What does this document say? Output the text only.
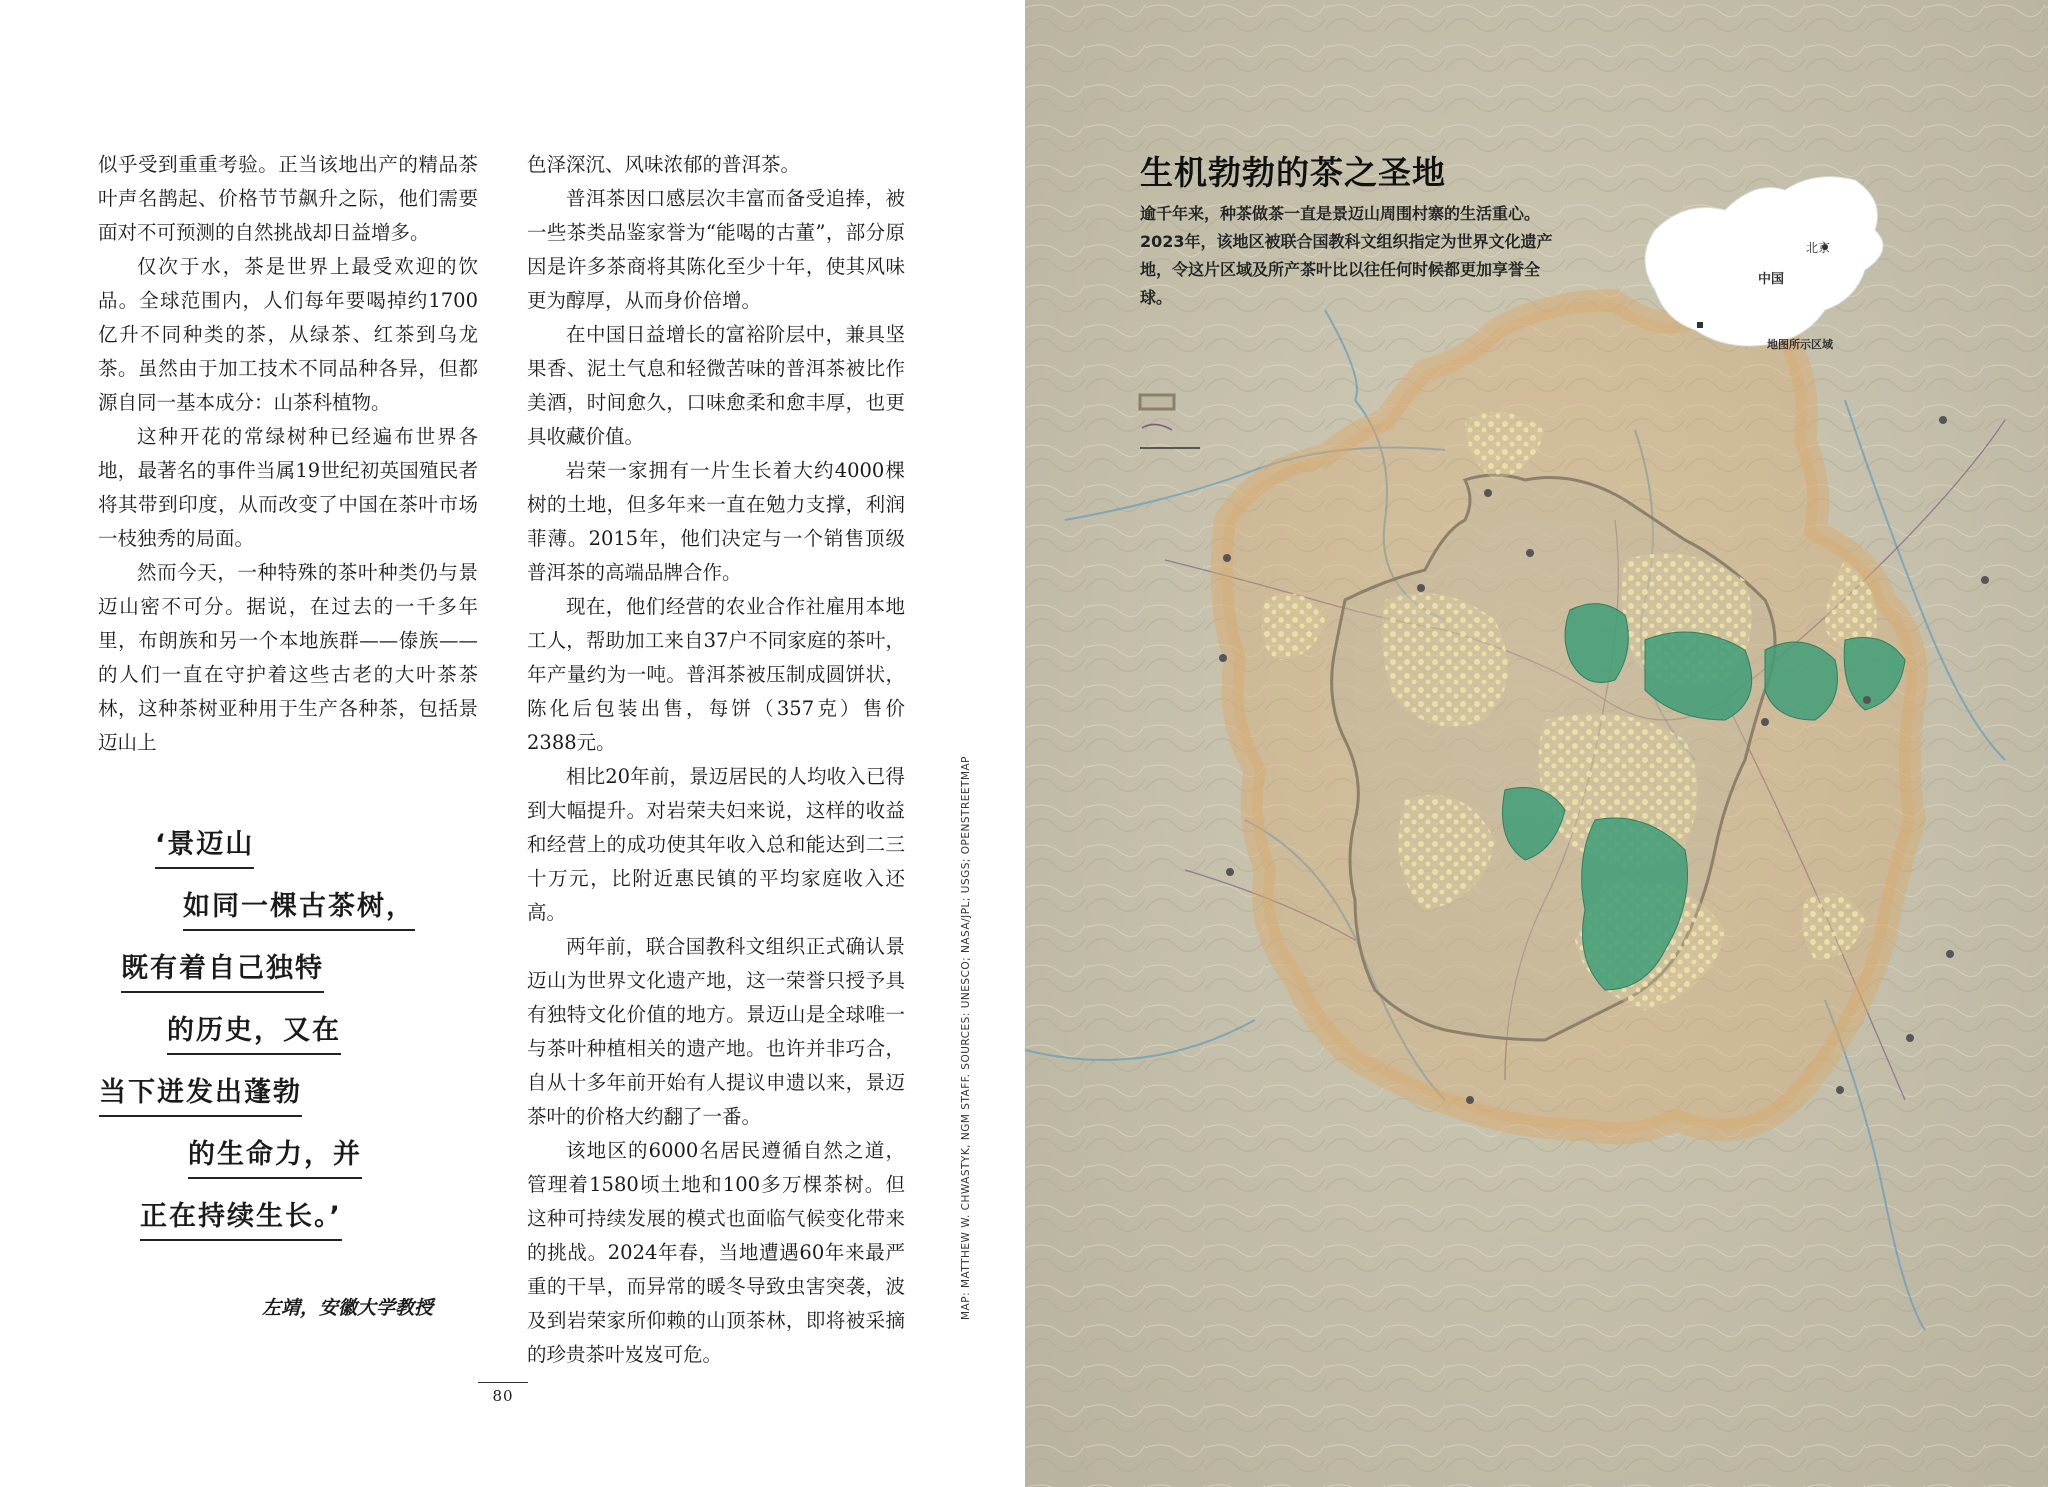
似乎受到重重考验。正当该地出产的精品茶叶声名鹊起、价格节节飙升之际，他们需要面对不可预测的自然挑战却日益增多。

仅次于水，茶是世界上最受欢迎的饮品。全球范围内，人们每年要喝掉约1700亿升不同种类的茶，从绿茶、红茶到乌龙茶。虽然由于加工技术不同品种各异，但都源自同一基本成分：山茶科植物。

这种开花的常绿树种已经遍布世界各地，最著名的事件当属19世纪初英国殖民者将其带到印度，从而改变了中国在茶叶市场一枝独秀的局面。

然而今天，一种特殊的茶叶种类仍与景迈山密不可分。据说，在过去的一千多年里，布朗族和另一个本地族群——傣族——的人们一直在守护着这些古老的大叶茶茶林，这种茶树亚种用于生产各种茶，包括景迈山上

色泽深沉、风味浓郁的普洱茶。

普洱茶因口感层次丰富而备受追捧，被一些茶类品鉴家誉为“能喝的古董”，部分原因是许多茶商将其陈化至少十年，使其风味更为醇厚，从而身价倍增。

在中国日益增长的富裕阶层中，兼具坚果香、泥土气息和轻微苦味的普洱茶被比作美酒，时间愈久，口味愈柔和愈丰厚，也更具收藏价值。

岩荣一家拥有一片生长着大约4000棵树的土地，但多年来一直在勉力支撑，利润菲薄。2015年，他们决定与一个销售顶级普洱茶的高端品牌合作。

现在，他们经营的农业合作社雇用本地工人，帮助加工来自37户不同家庭的茶叶，年产量约为一吨。普洱茶被压制成圆饼状，陈化后包装出售，每饼（357克）售价2388元。

相比20年前，景迈居民的人均收入已得到大幅提升。对岩荣夫妇来说，这样的收益和经营上的成功使其年收入总和能达到二三十万元，比附近惠民镇的平均家庭收入还高。

两年前，联合国教科文组织正式确认景迈山为世界文化遗产地，这一荣誉只授予具有独特文化价值的地方。景迈山是全球唯一与茶叶种植相关的遗产地。也许并非巧合，自从十多年前开始有人提议申遗以来，景迈茶叶的价格大约翻了一番。

该地区的6000名居民遵循自然之道，管理着1580顷土地和100多万棵茶树。但这种可持续发展的模式也面临气候变化带来的挑战。2024年春，当地遭遇60年来最严重的干旱，而异常的暖冬导致虫害突袭，波及到岩荣家所仰赖的山顶茶林，即将被采摘的珍贵茶叶岌岌可危。

‘景迈山
如同一棵古茶树，
既有着自己独特
的历史，又在
当下迸发出蓬勃
的生命力，并
正在持续生长。’
左靖，安徽大学教授
80
MAP: MATTHEW W. CHWASTYK, NGM STAFF. SOURCES: UNESCO; NASA/JPL; USGS; OPENSTREETMAP
生机勃勃的茶之圣地
逾千年来，种茶做茶一直是景迈山周围村寨的生活重心。2023年，该地区被联合国教科文组织指定为世界文化遗产地，令这片区域及所产茶叶比以往任何时候都更加享誉全球。
中国
北京
地图所示区域
